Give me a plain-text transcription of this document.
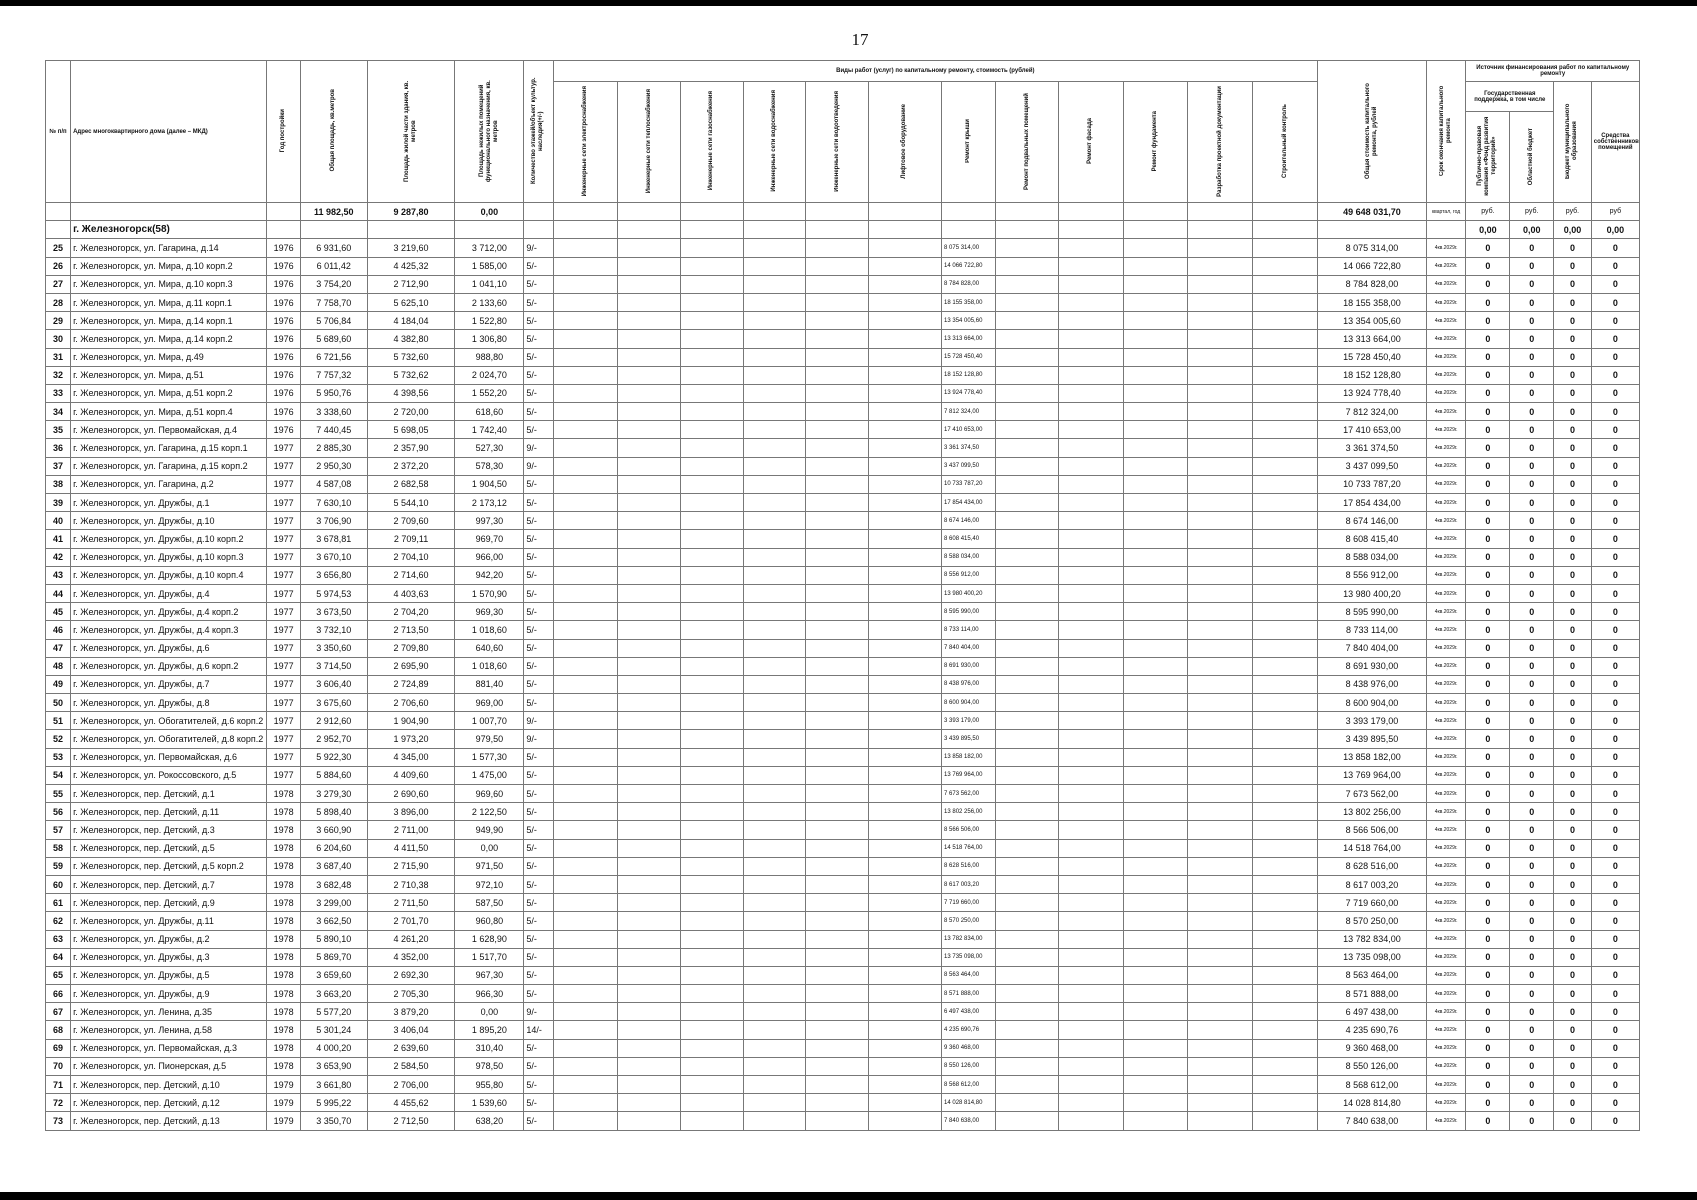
17
№ п/п	Адрес многоквартирного дома (далее – МКД)	Год постройки	Общая площадь, кв.метров	Площадь жилой части здания, кв. метров	Площадь нежилых помещений функционального назначения, кв. метров	Количество этажей/объект культур. наследия(+/-)	Виды работ (услуг) по капитальному ремонту, стоимость (рублей)												Общая стоимость капитального ремонта, рублей	Срок окончания капитального ремонта	Источник финансирования работ по капитальному ремонту			
							Инженерные сети электроснабжения	Инженерные сети теплоснабжения	Инженерные сети газоснабжения	Инженерные сети водоснабжения	Инженерные сети водоотведения	Лифтовое оборудование	Ремонт крыши	Ремонт подвальных помещений	Ремонт фасада	Ремонт фундамента	Разработка проектной документации	Строительный контроль			Государственная поддержка, в том числе		Бюджет муниципального образования	Средства собственников помещений
																					Публично-правовая компания «Фонд развития территорий»	Областной бюджет		
			11 982,50	9 287,80	0,00														49 648 031,70	квартал, год	руб.	руб.	руб.	руб
	г. Железногорск(58)																				0,00	0,00	0,00	0,00
25	г. Железногорск, ул. Гагарина, д.14	1976	6 931,60	3 219,60	3 712,00	9/-							8 075 314,00						8 075 314,00	4кв.2029г.	0	0	0	0
26	г. Железногорск, ул. Мира, д.10 корп.2	1976	6 011,42	4 425,32	1 585,00	5/-							14 066 722,80						14 066 722,80	4кв.2029г.	0	0	0	0
27	г. Железногорск, ул. Мира, д.10 корп.3	1976	3 754,20	2 712,90	1 041,10	5/-							8 784 828,00						8 784 828,00	4кв.2029г.	0	0	0	0
28	г. Железногорск, ул. Мира, д.11 корп.1	1976	7 758,70	5 625,10	2 133,60	5/-							18 155 358,00						18 155 358,00	4кв.2029г.	0	0	0	0
29	г. Железногорск, ул. Мира, д.14 корп.1	1976	5 706,84	4 184,04	1 522,80	5/-							13 354 005,60						13 354 005,60	4кв.2029г.	0	0	0	0
30	г. Железногорск, ул. Мира, д.14 корп.2	1976	5 689,60	4 382,80	1 306,80	5/-							13 313 664,00						13 313 664,00	4кв.2029г.	0	0	0	0
31	г. Железногорск, ул. Мира, д.49	1976	6 721,56	5 732,60	988,80	5/-							15 728 450,40						15 728 450,40	4кв.2029г.	0	0	0	0
32	г. Железногорск, ул. Мира, д.51	1976	7 757,32	5 732,62	2 024,70	5/-							18 152 128,80						18 152 128,80	4кв.2029г.	0	0	0	0
33	г. Железногорск, ул. Мира, д.51 корп.2	1976	5 950,76	4 398,56	1 552,20	5/-							13 924 778,40						13 924 778,40	4кв.2029г.	0	0	0	0
34	г. Железногорск, ул. Мира, д.51 корп.4	1976	3 338,60	2 720,00	618,60	5/-							7 812 324,00						7 812 324,00	4кв.2029г.	0	0	0	0
35	г. Железногорск, ул. Первомайская, д.4	1976	7 440,45	5 698,05	1 742,40	5/-							17 410 653,00						17 410 653,00	4кв.2029г.	0	0	0	0
36	г. Железногорск, ул. Гагарина, д.15 корп.1	1977	2 885,30	2 357,90	527,30	9/-							3 361 374,50						3 361 374,50	4кв.2029г.	0	0	0	0
37	г. Железногорск, ул. Гагарина, д.15 корп.2	1977	2 950,30	2 372,20	578,30	9/-							3 437 099,50						3 437 099,50	4кв.2029г.	0	0	0	0
38	г. Железногорск, ул. Гагарина, д.2	1977	4 587,08	2 682,58	1 904,50	5/-							10 733 787,20						10 733 787,20	4кв.2029г.	0	0	0	0
39	г. Железногорск, ул. Дружбы, д.1	1977	7 630,10	5 544,10	2 173,12	5/-							17 854 434,00						17 854 434,00	4кв.2029г.	0	0	0	0
40	г. Железногорск, ул. Дружбы, д.10	1977	3 706,90	2 709,60	997,30	5/-							8 674 146,00						8 674 146,00	4кв.2029г.	0	0	0	0
41	г. Железногорск, ул. Дружбы, д.10 корп.2	1977	3 678,81	2 709,11	969,70	5/-							8 608 415,40						8 608 415,40	4кв.2029г.	0	0	0	0
42	г. Железногорск, ул. Дружбы, д.10 корп.3	1977	3 670,10	2 704,10	966,00	5/-							8 588 034,00						8 588 034,00	4кв.2029г.	0	0	0	0
43	г. Железногорск, ул. Дружбы, д.10 корп.4	1977	3 656,80	2 714,60	942,20	5/-							8 556 912,00						8 556 912,00	4кв.2029г.	0	0	0	0
44	г. Железногорск, ул. Дружбы, д.4	1977	5 974,53	4 403,63	1 570,90	5/-							13 980 400,20						13 980 400,20	4кв.2029г.	0	0	0	0
45	г. Железногорск, ул. Дружбы, д.4 корп.2	1977	3 673,50	2 704,20	969,30	5/-							8 595 990,00						8 595 990,00	4кв.2029г.	0	0	0	0
46	г. Железногорск, ул. Дружбы, д.4 корп.3	1977	3 732,10	2 713,50	1 018,60	5/-							8 733 114,00						8 733 114,00	4кв.2029г.	0	0	0	0
47	г. Железногорск, ул. Дружбы, д.6	1977	3 350,60	2 709,80	640,60	5/-							7 840 404,00						7 840 404,00	4кв.2029г.	0	0	0	0
48	г. Железногорск, ул. Дружбы, д.6 корп.2	1977	3 714,50	2 695,90	1 018,60	5/-							8 691 930,00						8 691 930,00	4кв.2029г.	0	0	0	0
49	г. Железногорск, ул. Дружбы, д.7	1977	3 606,40	2 724,89	881,40	5/-							8 438 976,00						8 438 976,00	4кв.2029г.	0	0	0	0
50	г. Железногорск, ул. Дружбы, д.8	1977	3 675,60	2 706,60	969,00	5/-							8 600 904,00						8 600 904,00	4кв.2029г.	0	0	0	0
51	г. Железногорск, ул. Обогатителей, д.6 корп.2	1977	2 912,60	1 904,90	1 007,70	9/-							3 393 179,00						3 393 179,00	4кв.2029г.	0	0	0	0
52	г. Железногорск, ул. Обогатителей, д.8 корп.2	1977	2 952,70	1 973,20	979,50	9/-							3 439 895,50						3 439 895,50	4кв.2029г.	0	0	0	0
53	г. Железногорск, ул. Первомайская, д.6	1977	5 922,30	4 345,00	1 577,30	5/-							13 858 182,00						13 858 182,00	4кв.2029г.	0	0	0	0
54	г. Железногорск, ул. Рокоссовского, д.5	1977	5 884,60	4 409,60	1 475,00	5/-							13 769 964,00						13 769 964,00	4кв.2029г.	0	0	0	0
55	г. Железногорск, пер. Детский, д.1	1978	3 279,30	2 690,60	969,60	5/-							7 673 562,00						7 673 562,00	4кв.2029г.	0	0	0	0
56	г. Железногорск, пер. Детский, д.11	1978	5 898,40	3 896,00	2 122,50	5/-							13 802 256,00						13 802 256,00	4кв.2029г.	0	0	0	0
57	г. Железногорск, пер. Детский, д.3	1978	3 660,90	2 711,00	949,90	5/-							8 566 506,00						8 566 506,00	4кв.2029г.	0	0	0	0
58	г. Железногорск, пер. Детский, д.5	1978	6 204,60	4 411,50	0,00	5/-							14 518 764,00						14 518 764,00	4кв.2029г.	0	0	0	0
59	г. Железногорск, пер. Детский, д.5 корп.2	1978	3 687,40	2 715,90	971,50	5/-							8 628 516,00						8 628 516,00	4кв.2029г.	0	0	0	0
60	г. Железногорск, пер. Детский, д.7	1978	3 682,48	2 710,38	972,10	5/-							8 617 003,20						8 617 003,20	4кв.2029г.	0	0	0	0
61	г. Железногорск, пер. Детский, д.9	1978	3 299,00	2 711,50	587,50	5/-							7 719 660,00						7 719 660,00	4кв.2029г.	0	0	0	0
62	г. Железногорск, ул. Дружбы, д.11	1978	3 662,50	2 701,70	960,80	5/-							8 570 250,00						8 570 250,00	4кв.2029г.	0	0	0	0
63	г. Железногорск, ул. Дружбы, д.2	1978	5 890,10	4 261,20	1 628,90	5/-							13 782 834,00						13 782 834,00	4кв.2029г.	0	0	0	0
64	г. Железногорск, ул. Дружбы, д.3	1978	5 869,70	4 352,00	1 517,70	5/-							13 735 098,00						13 735 098,00	4кв.2029г.	0	0	0	0
65	г. Железногорск, ул. Дружбы, д.5	1978	3 659,60	2 692,30	967,30	5/-							8 563 464,00						8 563 464,00	4кв.2029г.	0	0	0	0
66	г. Железногорск, ул. Дружбы, д.9	1978	3 663,20	2 705,30	966,30	5/-							8 571 888,00						8 571 888,00	4кв.2029г.	0	0	0	0
67	г. Железногорск, ул. Ленина, д.35	1978	5 577,20	3 879,20	0,00	9/-							6 497 438,00						6 497 438,00	4кв.2029г.	0	0	0	0
68	г. Железногорск, ул. Ленина, д.58	1978	5 301,24	3 406,04	1 895,20	14/-							4 235 690,76						4 235 690,76	4кв.2029г.	0	0	0	0
69	г. Железногорск, ул. Первомайская, д.3	1978	4 000,20	2 639,60	310,40	5/-							9 360 468,00						9 360 468,00	4кв.2029г.	0	0	0	0
70	г. Железногорск, ул. Пионерская, д.5	1978	3 653,90	2 584,50	978,50	5/-							8 550 126,00						8 550 126,00	4кв.2029г.	0	0	0	0
71	г. Железногорск, пер. Детский, д.10	1979	3 661,80	2 706,00	955,80	5/-							8 568 612,00						8 568 612,00	4кв.2029г.	0	0	0	0
72	г. Железногорск, пер. Детский, д.12	1979	5 995,22	4 455,62	1 539,60	5/-							14 028 814,80						14 028 814,80	4кв.2029г.	0	0	0	0
73	г. Железногорск, пер. Детский, д.13	1979	3 350,70	2 712,50	638,20	5/-							7 840 638,00						7 840 638,00	4кв.2029г.	0	0	0	0
